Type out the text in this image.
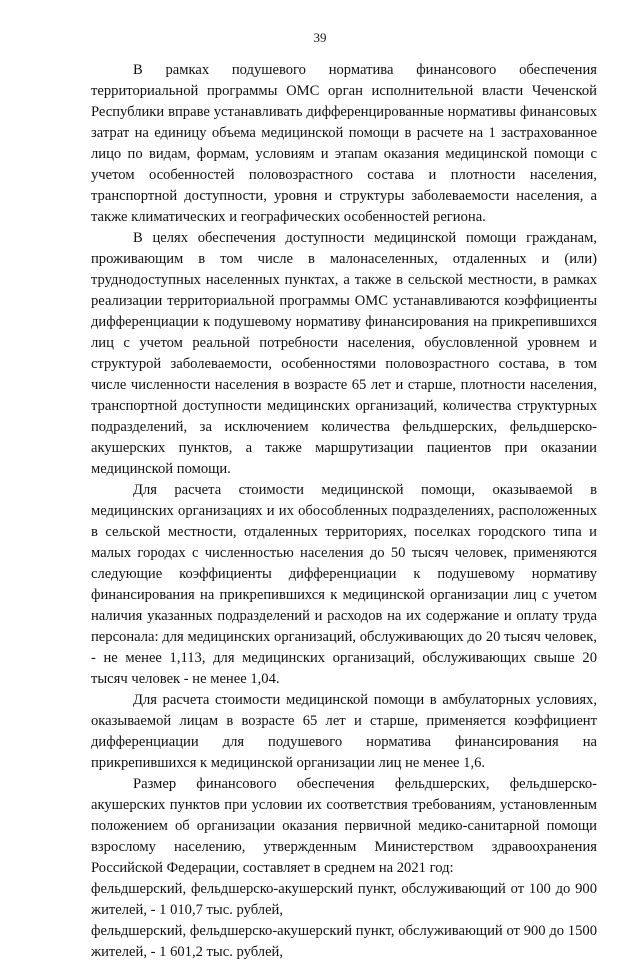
39

В рамках подушевого норматива финансового обеспечения территориальной программы ОМС орган исполнительной власти Чеченской Республики вправе устанавливать дифференцированные нормативы финансовых затрат на единицу объема медицинской помощи в расчете на 1 застрахованное лицо по видам, формам, условиям и этапам оказания медицинской помощи с учетом особенностей половозрастного состава и плотности населения, транспортной доступности, уровня и структуры заболеваемости населения, а также климатических и географических особенностей региона.

В целях обеспечения доступности медицинской помощи гражданам, проживающим в том числе в малонаселенных, отдаленных и (или) труднодоступных населенных пунктах, а также в сельской местности, в рамках реализации территориальной программы ОМС устанавливаются коэффициенты дифференциации к подушевому нормативу финансирования на прикрепившихся лиц с учетом реальной потребности населения, обусловленной уровнем и структурой заболеваемости, особенностями половозрастного состава, в том числе численности населения в возрасте 65 лет и старше, плотности населения, транспортной доступности медицинских организаций, количества структурных подразделений, за исключением количества фельдшерских, фельдшерско-акушерских пунктов, а также маршрутизации пациентов при оказании медицинской помощи.

Для расчета стоимости медицинской помощи, оказываемой в медицинских организациях и их обособленных подразделениях, расположенных в сельской местности, отдаленных территориях, поселках городского типа и малых городах с численностью населения до 50 тысяч человек, применяются следующие коэффициенты дифференциации к подушевому нормативу финансирования на прикрепившихся к медицинской организации лиц с учетом наличия указанных подразделений и расходов на их содержание и оплату труда персонала: для медицинских организаций, обслуживающих до 20 тысяч человек, - не менее 1,113, для медицинских организаций, обслуживающих свыше 20 тысяч человек - не менее 1,04.

Для расчета стоимости медицинской помощи в амбулаторных условиях, оказываемой лицам в возрасте 65 лет и старше, применяется коэффициент дифференциации для подушевого норматива финансирования на прикрепившихся к медицинской организации лиц не менее 1,6.

Размер финансового обеспечения фельдшерских, фельдшерско-акушерских пунктов при условии их соответствия требованиям, установленным положением об организации оказания первичной медико-санитарной помощи взрослому населению, утвержденным Министерством здравоохранения Российской Федерации, составляет в среднем на 2021 год:

фельдшерский, фельдшерско-акушерский пункт, обслуживающий от 100 до 900 жителей, - 1 010,7 тыс. рублей,

фельдшерский, фельдшерско-акушерский пункт, обслуживающий от 900 до 1500 жителей, - 1 601,2 тыс. рублей,
